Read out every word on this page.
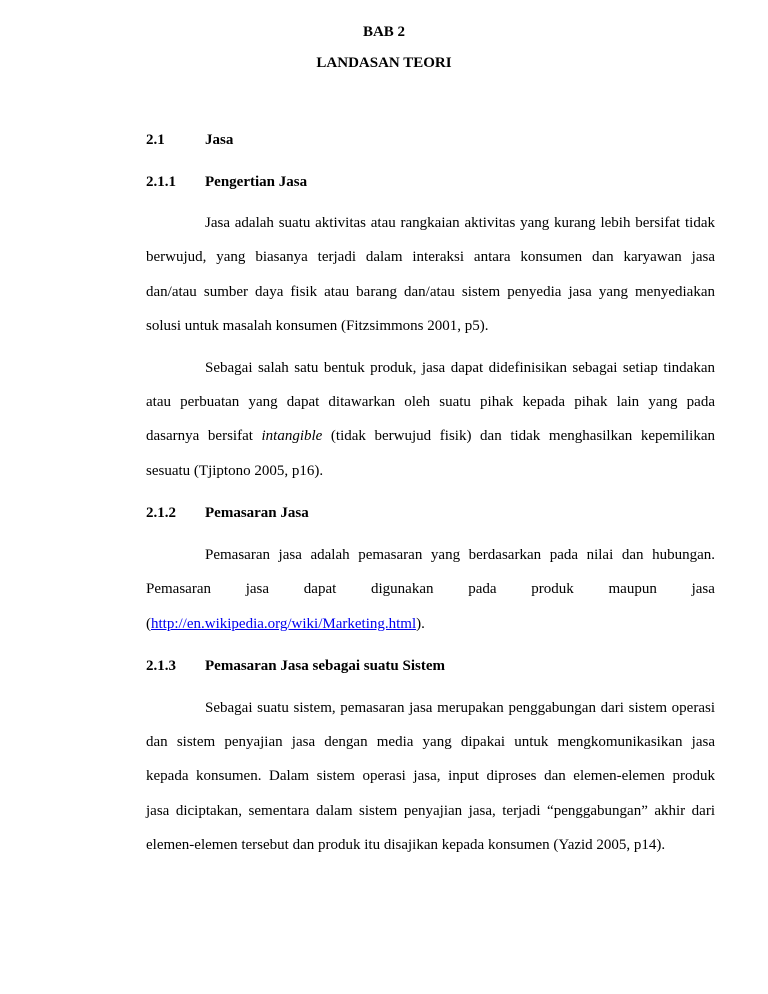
BAB 2
LANDASAN TEORI
2.1	Jasa
2.1.1 Pengertian Jasa
Jasa adalah suatu aktivitas atau rangkaian aktivitas yang kurang lebih bersifat tidak
berwujud, yang biasanya terjadi dalam interaksi antara konsumen dan karyawan jasa
dan/atau sumber daya fisik atau barang dan/atau sistem penyedia jasa yang menyediakan
solusi untuk masalah konsumen (Fitzsimmons 2001, p5).
Sebagai salah satu bentuk produk, jasa dapat didefinisikan sebagai setiap tindakan
atau perbuatan yang dapat ditawarkan oleh suatu pihak kepada pihak lain yang pada
dasarnya bersifat intangible (tidak berwujud fisik) dan tidak menghasilkan kepemilikan
sesuatu (Tjiptono 2005, p16).
2.1.2 Pemasaran Jasa
Pemasaran jasa adalah pemasaran yang berdasarkan pada nilai dan hubungan.
Pemasaran jasa dapat digunakan pada produk maupun jasa
(http://en.wikipedia.org/wiki/Marketing.html).
2.1.3 Pemasaran Jasa sebagai suatu Sistem
Sebagai suatu sistem, pemasaran jasa merupakan penggabungan dari sistem operasi
dan sistem penyajian jasa dengan media yang dipakai untuk mengkomunikasikan jasa
kepada konsumen. Dalam sistem operasi jasa, input diproses dan elemen-elemen produk
jasa diciptakan, sementara dalam sistem penyajian jasa, terjadi “penggabungan” akhir dari
elemen-elemen tersebut dan produk itu disajikan kepada konsumen (Yazid 2005, p14).
